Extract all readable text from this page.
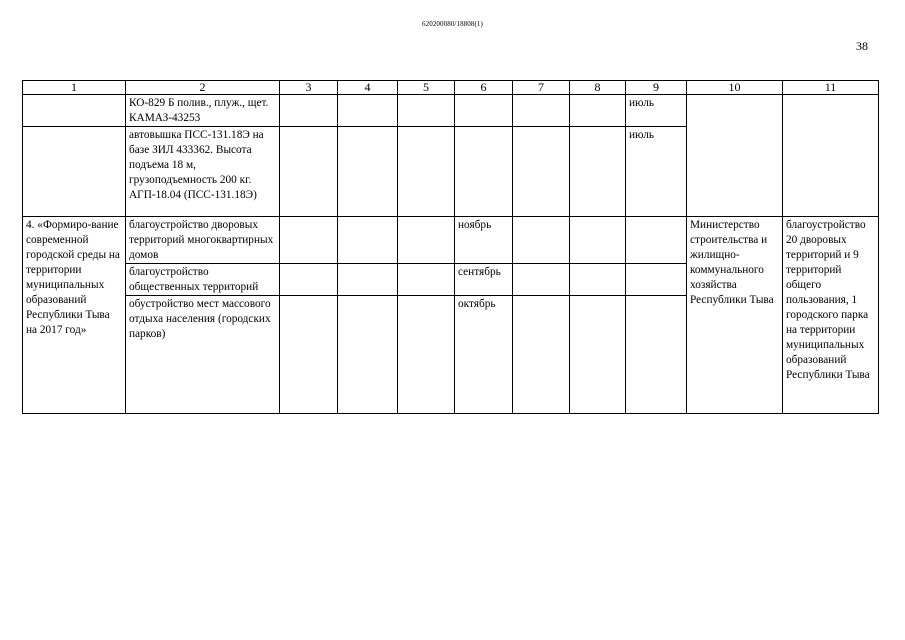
620200080/18808(1)
38
1	2	3	4	5	6	7	8	9	10	11
	КО-829 Б полив., плуж., щет. КАМАЗ-43253							июль		
	автовышка ПСС-131.18Э на базе ЗИЛ 433362. Высота подъема 18 м, грузоподъемность 200 кг. АГП-18.04 (ПСС-131.18Э)							июль		
4. «Формиро-вание современной городской среды на территории муниципальных образований Республики Тыва на 2017 год»	благоустройство дворовых территорий многоквартирных домов				ноябрь				Министерство строительства и жилищно-коммунального хозяйства Республики Тыва	благоустройство 20 дворовых территорий и 9 территорий общего пользования, 1 городского парка на территории муниципальных образований Республики Тыва
	благоустройство общественных территорий				сентябрь					
	обустройство мест массового отдыха населения (городских парков)				октябрь					
